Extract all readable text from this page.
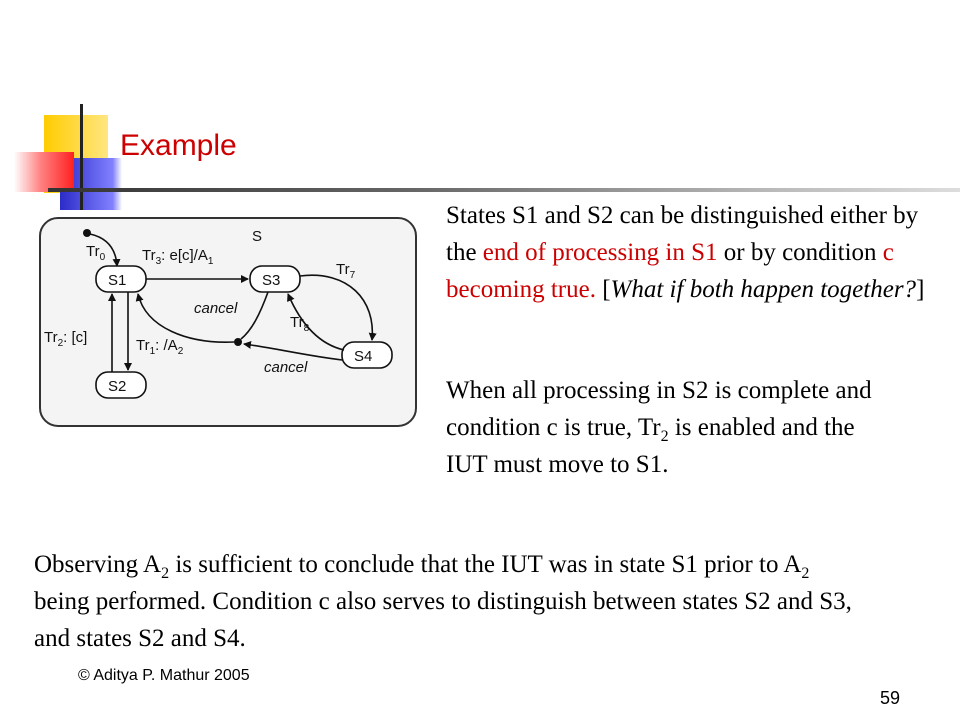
Example
S
$Tr_0$
S1
S2
S3
S4
$Tr_3$: $e[c]/A_1$	$Tr_7$
$Tr_8$
cancel
cancel
$Tr_2$: [c]	$Tr_1$: $/A_2$
States S1 and S2 can be distinguished either by the end of processing in S1 or by condition c becoming true. [What if both happen together?]
When all processing in S2 is complete and condition c is true, $Tr_2$ is enabled and the IUT must move to S1.
Observing $A_2$ is sufficient to conclude that the IUT was in state S1 prior to $A_2$ being performed. Condition c also serves to distinguish between states S2 and S3, and states S2 and S4.
© Aditya P. Mathur 2005
59
